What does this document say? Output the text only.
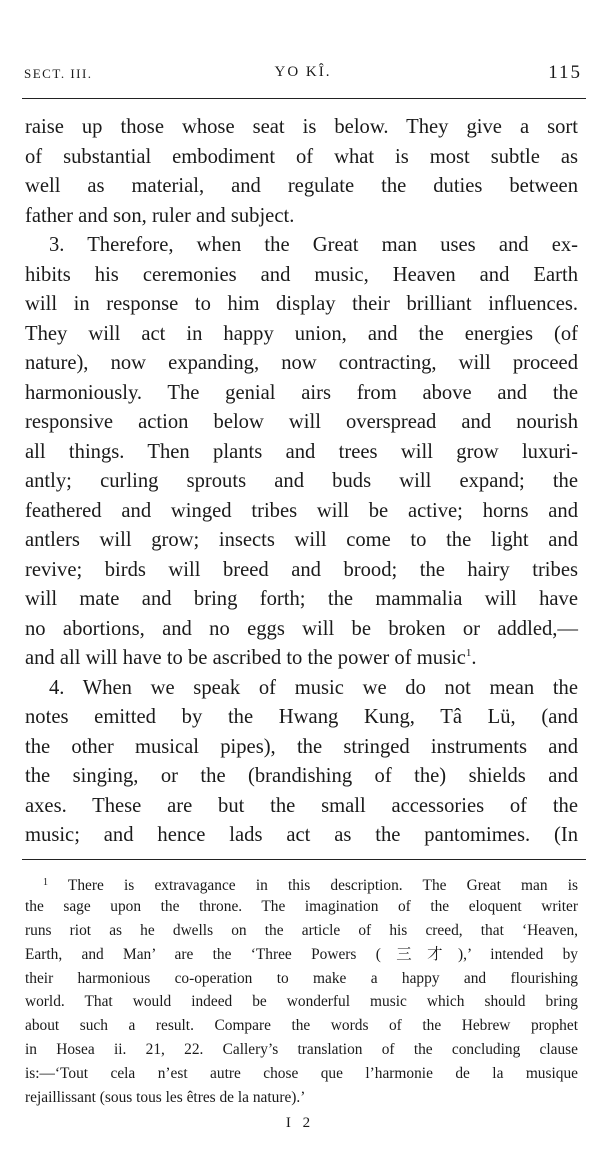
SECT. III.	YO KÎ.	115
raise up those whose seat is below. They give a sort
of substantial embodiment of what is most subtle as
well as material, and regulate the duties between
father and son, ruler and subject.
3. Therefore, when the Great man uses and ex-
hibits his ceremonies and music, Heaven and Earth
will in response to him display their brilliant influences.
They will act in happy union, and the energies (of
nature), now expanding, now contracting, will proceed
harmoniously. The genial airs from above and the
responsive action below will overspread and nourish
all things. Then plants and trees will grow luxuri-
antly; curling sprouts and buds will expand; the
feathered and winged tribes will be active; horns and
antlers will grow; insects will come to the light and
revive; birds will breed and brood; the hairy tribes
will mate and bring forth; the mammalia will have
no abortions, and no eggs will be broken or addled,—
and all will have to be ascribed to the power of music$^1$.
4. When we speak of music we do not mean the
notes emitted by the Hwang Kung, Tâ Lü, (and
the other musical pipes), the stringed instruments and
the singing, or the (brandishing of the) shields and
axes. These are but the small accessories of the
music; and hence lads act as the pantomimes. (In
$^1$ There is extravagance in this description. The Great man is
the sage upon the throne. The imagination of the eloquent writer
runs riot as he dwells on the article of his creed, that ‘Heaven,
Earth, and Man’ are the ‘Three Powers (三才),’ intended by
their harmonious co-operation to make a happy and flourishing
world. That would indeed be wonderful music which should bring
about such a result. Compare the words of the Hebrew prophet
in Hosea ii. 21, 22. Callery’s translation of the concluding clause
is:—‘Tout cela n’est autre chose que l’harmonie de la musique
rejaillissant (sous tous les êtres de la nature).’
I 2
